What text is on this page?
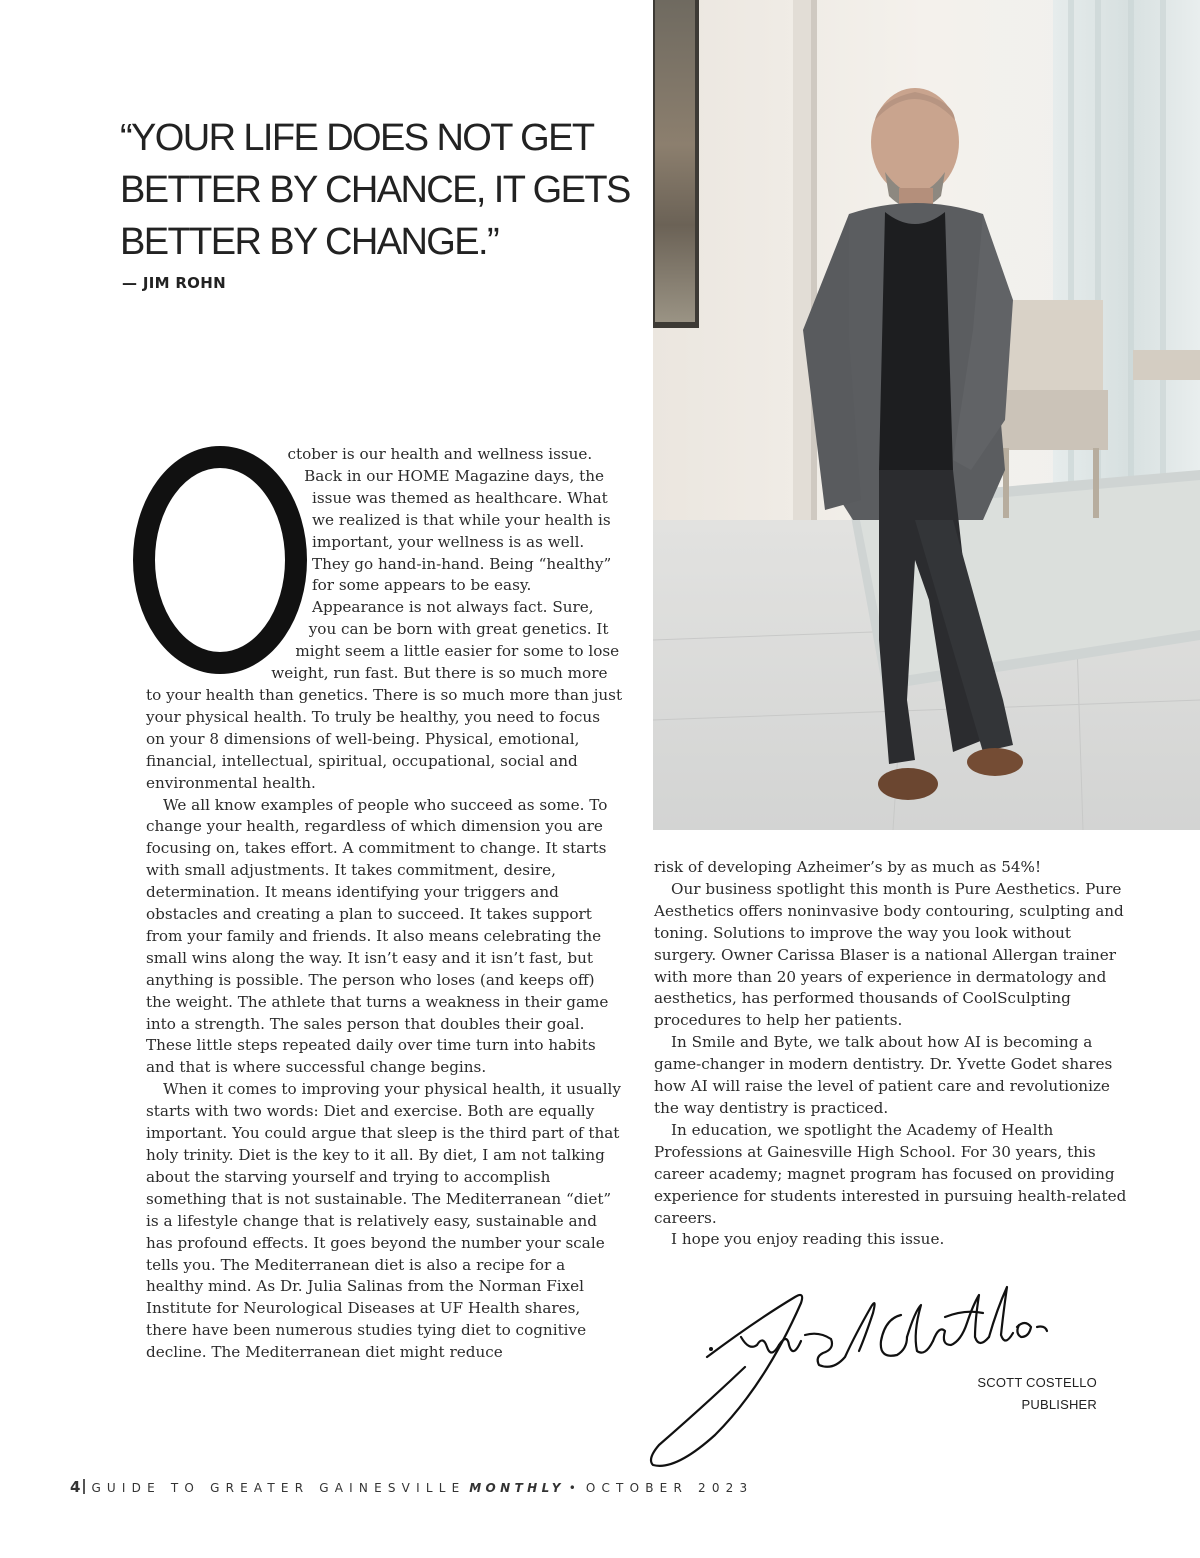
“YOUR LIFE DOES NOT GET BETTER BY CHANCE, IT GETS BETTER BY CHANGE.”
— JIM ROHN

ctober is our health and wellness issue. Back in our HOME Magazine days, the issue was themed as healthcare. What we realized is that while your health is important, your wellness is as well. They go hand-in-hand. Being “healthy” for some appears to be easy. Appearance is not always fact. Sure, you can be born with great genetics. It might seem a little easier for some to lose weight, run fast. But there is so much more to your health than genetics. There is so much more than just your physical health. To truly be healthy, you need to focus on your 8 dimensions of well-being. Physical, emotional, financial, intellectual, spiritual, occupational, social and environmental health.

We all know examples of people who succeed as some. To change your health, regardless of which dimension you are focusing on, takes effort. A commitment to change. It starts with small adjustments. It takes commitment, desire, determination. It means identifying your triggers and obstacles and creating a plan to succeed. It takes support from your family and friends. It also means celebrating the small wins along the way. It isn’t easy and it isn’t fast, but anything is possible. The person who loses (and keeps off) the weight. The athlete that turns a weakness in their game into a strength. The sales person that doubles their goal. These little steps repeated daily over time turn into habits and that is where successful change begins.

When it comes to improving your physical health, it usually starts with two words: Diet and exercise. Both are equally important. You could argue that sleep is the third part of that holy trinity. Diet is the key to it all. By diet, I am not talking about the starving yourself and trying to accomplish something that is not sustainable. The Mediterranean “diet” is a lifestyle change that is relatively easy, sustainable and has profound effects. It goes beyond the number your scale tells you. The Mediterranean diet is also a recipe for a healthy mind. As Dr. Julia Salinas from the Norman Fixel Institute for Neurological Diseases at UF Health shares, there have been numerous studies tying diet to cognitive decline. The Mediterranean diet might reduce

risk of developing Azheimer’s by as much as 54%!

Our business spotlight this month is Pure Aesthetics. Pure Aesthetics offers noninvasive body contouring, sculpting and toning. Solutions to improve the way you look without surgery. Owner Carissa Blaser is a national Allergan trainer with more than 20 years of experience in dermatology and aesthetics, has performed thousands of CoolSculpting procedures to help her patients.

In Smile and Byte, we talk about how AI is becoming a game-changer in modern dentistry. Dr. Yvette Godet shares how AI will raise the level of patient care and revolutionize the way dentistry is practiced.

In education, we spotlight the Academy of Health Professions at Gainesville High School. For 30 years, this career academy; magnet program has focused on providing experience for students interested in pursuing health-related careers.

I hope you enjoy reading this issue.

SCOTT COSTELLO
PUBLISHER
4 GUIDE TO GREATER GAINESVILLE MONTHLY • OCTOBER 2023
